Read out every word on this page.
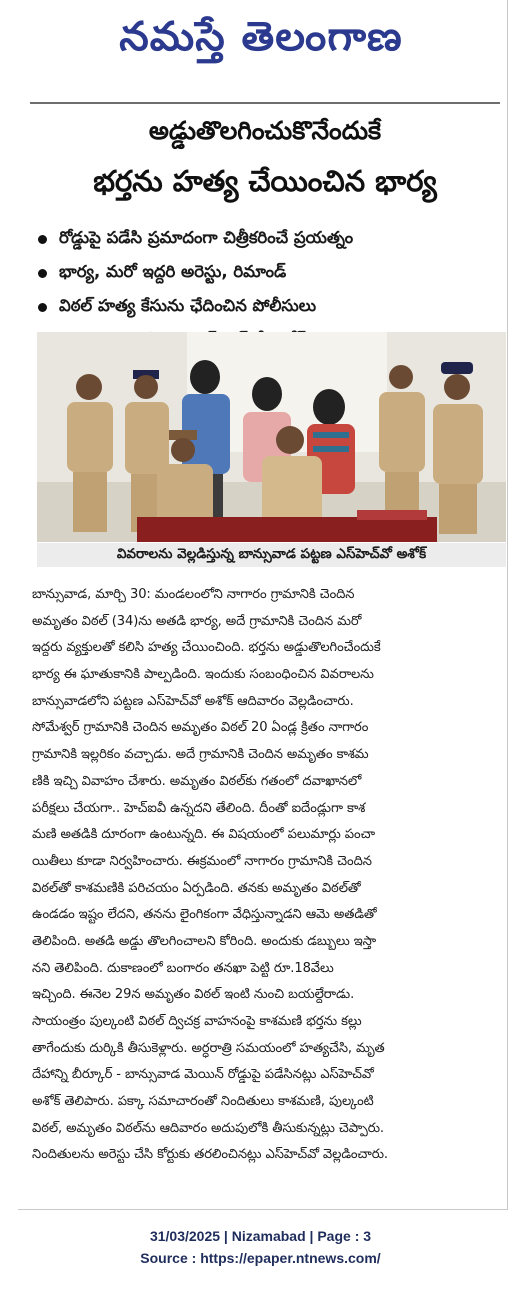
నమస్తే తెలంగాణ
అడ్డుతొలగించుకొనేందుకే
భర్తను హత్య చేయించిన భార్య
రోడ్డుపై పడేసి ప్రమాదంగా చిత్రీకరించే ప్రయత్నం
భార్య, మరో ఇద్దరి అరెస్టు, రిమాండ్
విఠల్ హత్య కేసును ఛేదించిన పోలీసులు
వివరాలను వెల్లడిస్తున్న బాన్సువాడ పట్టణ ఎస్‌హెచ్‌వో అశోక్
బాన్సువాడ, మార్చి 30: మండలంలోని నాగారం గ్రామానికి చెందిన
అమృతం విఠల్ (34)ను అతడి భార్య, అదే గ్రామానికి చెందిన మరో
ఇద్దరు వ్యక్తులతో కలిసి హత్య చేయించింది. భర్తను అడ్డుతొలగించేందుకే
భార్య ఈ ఘాతుకానికి పాల్పడింది. ఇందుకు సంబంధించిన వివరాలను
బాన్సువాడలోని పట్టణ ఎస్‌హెచ్‌వో అశోక్ ఆదివారం వెల్లడించారు.
సోమేశ్వర్ గ్రామానికి చెందిన అమృతం విఠల్ 20 ఏండ్ల క్రితం నాగారం
గ్రామానికి ఇల్లరికం వచ్చాడు. అదే గ్రామానికి చెందిన అమృతం కాశమ
ణికి ఇచ్చి వివాహం చేశారు. అమృతం విఠల్‌కు గతంలో దవాఖానలో
పరీక్షలు చేయగా.. హెచ్ఐవీ ఉన్నదని తేలింది. దీంతో ఐదేండ్లుగా కాశ
మణి అతడికి దూరంగా ఉంటున్నది. ఈ విషయంలో పలుమార్లు పంచా
యితీలు కూడా నిర్వహించారు. ఈక్రమంలో నాగారం గ్రామానికి చెందిన
విఠల్‌తో కాశమణికి పరిచయం ఏర్పడింది. తనకు అమృతం విఠల్‌తో
ఉండడం ఇష్టం లేదని, తనను లైంగికంగా వేధిస్తున్నాడని ఆమె అతడితో
తెలిపింది. అతడి అడ్డు తొలగించాలని కోరింది. అందుకు డబ్బులు ఇస్తా
నని తెలిపింది. దుకాణంలో బంగారం తనఖా పెట్టి రూ.18వేలు
ఇచ్చింది. ఈనెల 29న అమృతం విఠల్ ఇంటి నుంచి బయల్దేరాడు.
సాయంత్రం పుల్కంటి విఠల్ ద్విచక్ర వాహనంపై కాశమణి భర్తను కల్లు
తాగేందుకు దుర్కికి తీసుకెళ్లారు. అర్ధరాత్రి సమయంలో హత్యచేసి, మృత
దేహాన్ని బీర్కూర్ - బాన్సువాడ మెయిన్ రోడ్డుపై పడేసినట్లు ఎస్‌హెచ్‌వో
అశోక్ తెలిపారు. పక్కా సమాచారంతో నిందితులు కాశమణి, పుల్కంటి
విఠల్, అమృతం విఠల్‌ను ఆదివారం అదుపులోకి తీసుకున్నట్లు చెప్పారు.
నిందితులను అరెస్టు చేసి కోర్టుకు తరలించినట్లు ఎస్‌హెచ్‌వో వెల్లడించారు.
31/03/2025 | Nizamabad | Page : 3
Source : https://epaper.ntnews.com/
